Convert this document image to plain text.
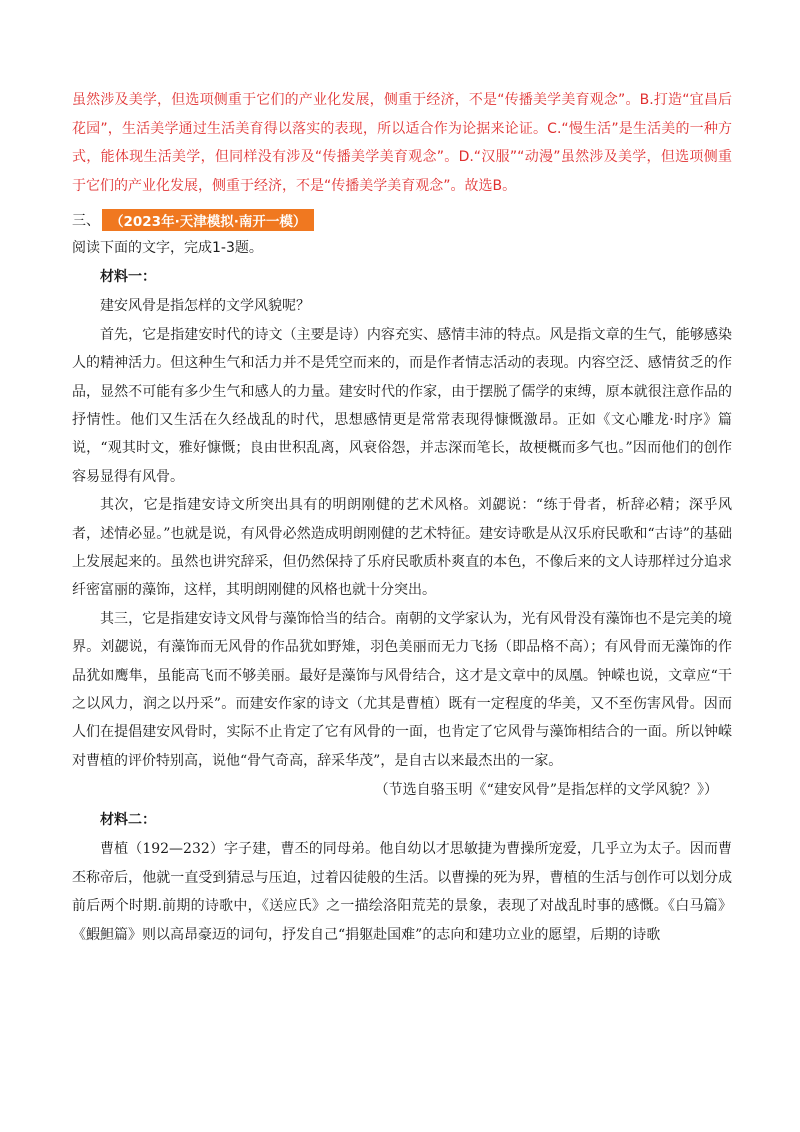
虽然涉及美学，但选项侧重于它们的产业化发展，侧重于经济，不是“传播美学美育观念”。B.打造“宜昌后花园”，生活美学通过生活美育得以落实的表现，所以适合作为论据来论证。C.“慢生活”是生活美的一种方式，能体现生活美学，但同样没有涉及“传播美学美育观念”。D.“汉服”“动漫”虽然涉及美学，但选项侧重于它们的产业化发展，侧重于经济，不是“传播美学美育观念”。故选B。

三、 （2023年·天津模拟·南开一模）
阅读下面的文字，完成1-3题。
材料一：

建安风骨是指怎样的文学风貌呢？

首先，它是指建安时代的诗文（主要是诗）内容充实、感情丰沛的特点。风是指文章的生气，能够感染人的精神活力。但这种生气和活力并不是凭空而来的，而是作者情志活动的表现。内容空泛、感情贫乏的作品，显然不可能有多少生气和感人的力量。建安时代的作家，由于摆脱了儒学的束缚，原本就很注意作品的抒情性。他们又生活在久经战乱的时代，思想感情更是常常表现得慷慨激昂。正如《文心雕龙·时序》篇说，“观其时文，雅好慷慨；良由世积乱离，风衰俗怨，并志深而笔长，故梗概而多气也。”因而他们的创作容易显得有风骨。

其次，它是指建安诗文所突出具有的明朗刚健的艺术风格。刘勰说：“练于骨者，析辞必精；深乎风者，述情必显。”也就是说，有风骨必然造成明朗刚健的艺术特征。建安诗歌是从汉乐府民歌和“古诗”的基础上发展起来的。虽然也讲究辞采，但仍然保持了乐府民歌质朴爽直的本色，不像后来的文人诗那样过分追求纤密富丽的藻饰，这样，其明朗刚健的风格也就十分突出。

其三，它是指建安诗文风骨与藻饰恰当的结合。南朝的文学家认为，光有风骨没有藻饰也不是完美的境界。刘勰说，有藻饰而无风骨的作品犹如野雉，羽色美丽而无力飞扬（即品格不高）；有风骨而无藻饰的作品犹如鹰隼，虽能高飞而不够美丽。最好是藻饰与风骨结合，这才是文章中的凤凰。钟嵘也说，文章应“干之以风力，润之以丹采”。而建安作家的诗文（尤其是曹植）既有一定程度的华美，又不至伤害风骨。因而人们在提倡建安风骨时，实际不止肯定了它有风骨的一面，也肯定了它风骨与藻饰相结合的一面。所以钟嵘对曹植的评价特别高，说他“骨气奇高，辞采华茂”，是自古以来最杰出的一家。

（节选自骆玉明《“建安风骨”是指怎样的文学风貌？》）
材料二：

曹植（192—232）字子建，曹丕的同母弟。他自幼以才思敏捷为曹操所宠爱，几乎立为太子。因而曹丕称帝后，他就一直受到猜忌与压迫，过着囚徒般的生活。以曹操的死为界，曹植的生活与创作可以划分成前后两个时期.前期的诗歌中，《送应氏》之一描绘洛阳荒芜的景象，表现了对战乱时事的感慨。《白马篇》《鰕䱇篇》则以高昂豪迈的词句，抒发自己“捐躯赴国难”的志向和建功立业的愿望，后期的诗歌
